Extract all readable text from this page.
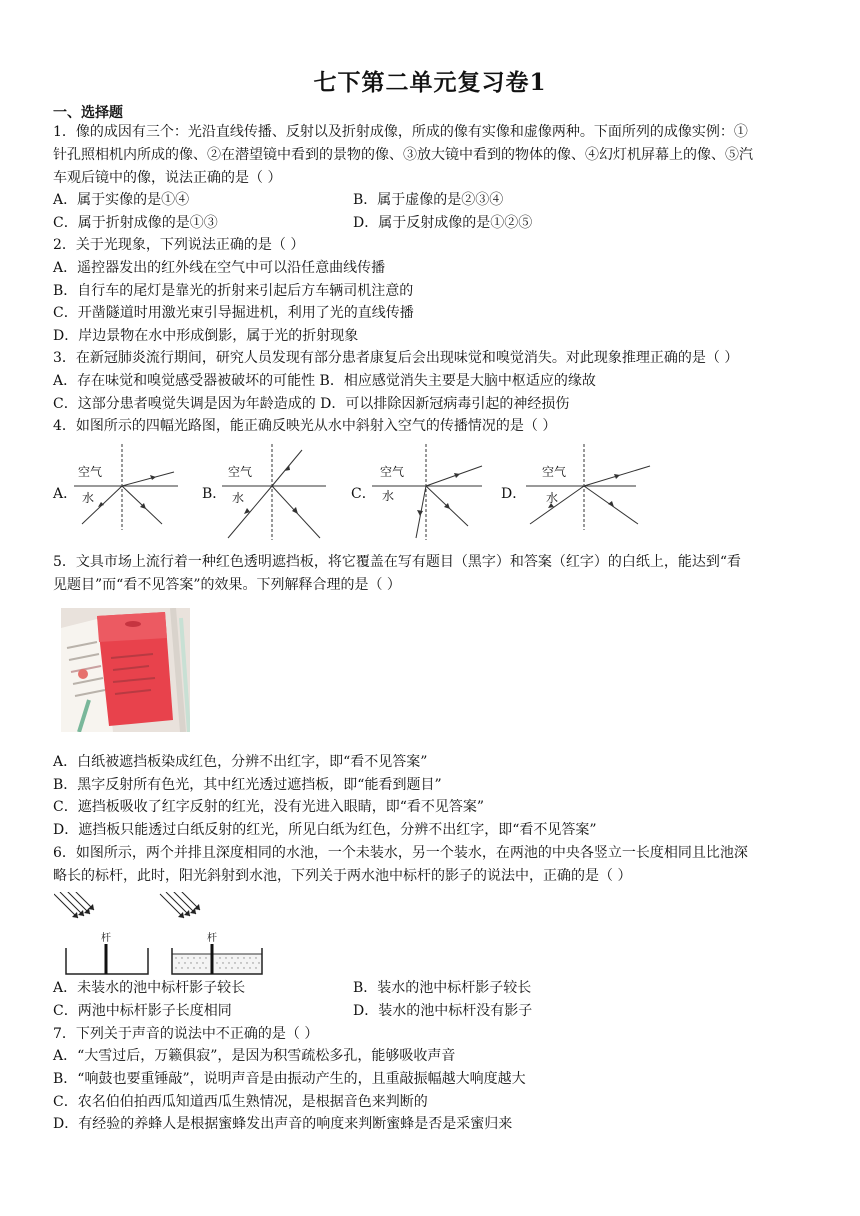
七下第二单元复习卷1
一、选择题
1．像的成因有三个：光沿直线传播、反射以及折射成像，所成的像有实像和虚像两种。下面所列的成像实例：①
针孔照相机内所成的像、②在潜望镜中看到的景物的像、③放大镜中看到的物体的像、④幻灯机屏幕上的像、⑤汽
车观后镜中的像，说法正确的是（ ）
A．属于实像的是①④	B．属于虚像的是②③④
C．属于折射成像的是①③	D．属于反射成像的是①②⑤
2．关于光现象，下列说法正确的是（ ）
A．遥控器发出的红外线在空气中可以沿任意曲线传播
B．自行车的尾灯是靠光的折射来引起后方车辆司机注意的
C．开凿隧道时用激光束引导掘进机，利用了光的直线传播
D．岸边景物在水中形成倒影，属于光的折射现象
3．在新冠肺炎流行期间，研究人员发现有部分患者康复后会出现味觉和嗅觉消失。对此现象推理正确的是（ ）
A．存在味觉和嗅觉感受器被破坏的可能性 B．相应感觉消失主要是大脑中枢适应的缘故
C．这部分患者嗅觉失调是因为年龄造成的 D．可以排除因新冠病毒引起的神经损伤
4．如图所示的四幅光路图，能正确反映光从水中斜射入空气的传播情况的是（ ）
A．
空气
水	B．
空气
水	C．
空气
水	D．
空气
水
5．文具市场上流行着一种红色透明遮挡板，将它覆盖在写有题目（黑字）和答案（红字）的白纸上，能达到“看
见题目”而“看不见答案”的效果。下列解释合理的是（ ）
A．白纸被遮挡板染成红色，分辨不出红字，即“看不见答案”
B．黑字反射所有色光，其中红光透过遮挡板，即“能看到题目”
C．遮挡板吸收了红字反射的红光，没有光进入眼睛，即“看不见答案”
D．遮挡板只能透过白纸反射的红光，所见白纸为红色，分辨不出红字，即“看不见答案”
6．如图所示，两个并排且深度相同的水池，一个未装水，另一个装水，在两池的中央各竖立一长度相同且比池深
略长的标杆，此时，阳光斜射到水池，下列关于两水池中标杆的影子的说法中，正确的是（ ）
杆	杆
A．未装水的池中标杆影子较长	B．装水的池中标杆影子较长
C．两池中标杆影子长度相同	D．装水的池中标杆没有影子
7．下列关于声音的说法中不正确的是（ ）
A．“大雪过后，万籁俱寂”，是因为积雪疏松多孔，能够吸收声音
B．“响鼓也要重锤敲”，说明声音是由振动产生的，且重敲振幅越大响度越大
C．农名伯伯拍西瓜知道西瓜生熟情况，是根据音色来判断的
D．有经验的养蜂人是根据蜜蜂发出声音的响度来判断蜜蜂是否是采蜜归来
